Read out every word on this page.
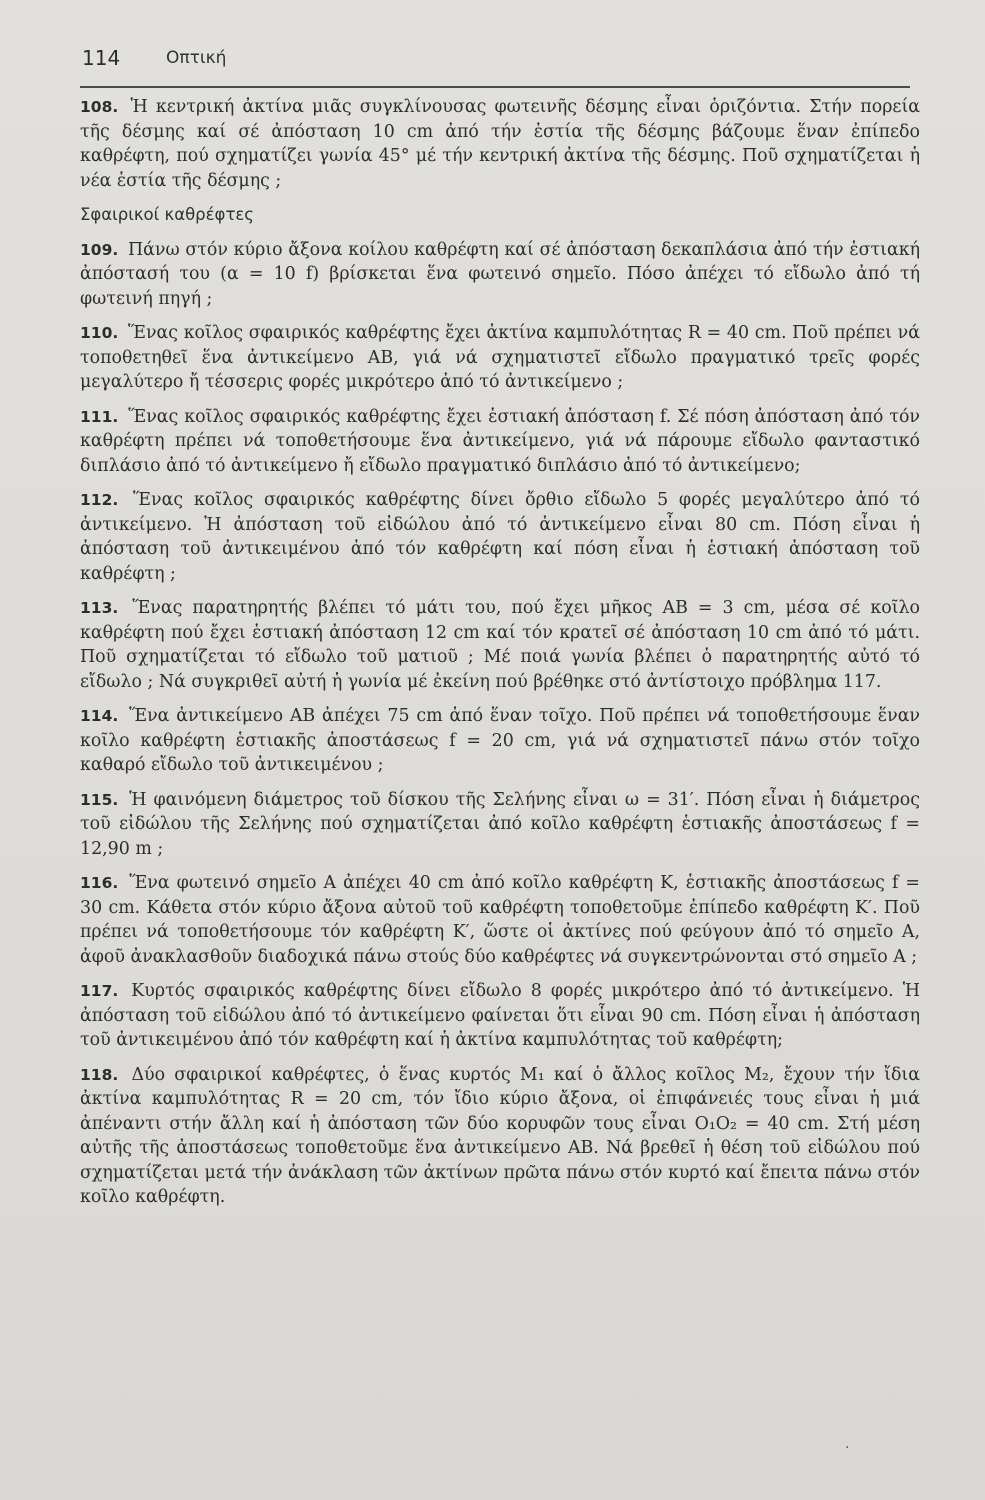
114	Οπτική

108. Ἡ κεντρική ἀκτίνα μιᾶς συγκλίνουσας φωτεινῆς δέσμης εἶναι ὁριζόντια. Στήν πορεία τῆς δέσμης καί σέ ἀπόσταση 10 cm ἀπό τήν ἑστία τῆς δέσμης βάζουμε ἕναν ἐπίπεδο καθρέφτη, πού σχηματίζει γωνία 45° μέ τήν κεντρική ἀκτίνα τῆς δέσμης. Ποῦ σχηματίζεται ἡ νέα ἑστία τῆς δέσμης ;

Σφαιρικοί καθρέφτες

109. Πάνω στόν κύριο ἄξονα κοίλου καθρέφτη καί σέ ἀπόσταση δεκαπλάσια ἀπό τήν ἑστιακή ἀπόστασή του (α = 10 f) βρίσκεται ἕνα φωτεινό σημεῖο. Πόσο ἀπέχει τό εἴδωλο ἀπό τή φωτεινή πηγή ;

110. Ἕνας κοῖλος σφαιρικός καθρέφτης ἔχει ἀκτίνα καμπυλότητας R = 40 cm. Ποῦ πρέπει νά τοποθετηθεῖ ἕνα ἀντικείμενο ΑΒ, γιά νά σχηματιστεῖ εἴδωλο πραγματικό τρεῖς φορές μεγαλύτερο ἤ τέσσερις φορές μικρότερο ἀπό τό ἀντικείμενο ;

111. Ἕνας κοῖλος σφαιρικός καθρέφτης ἔχει ἑστιακή ἀπόσταση f. Σέ πόση ἀπόσταση ἀπό τόν καθρέφτη πρέπει νά τοποθετήσουμε ἕνα ἀντικείμενο, γιά νά πάρουμε εἴδωλο φανταστικό διπλάσιο ἀπό τό ἀντικείμενο ἤ εἴδωλο πραγματικό διπλάσιο ἀπό τό ἀντικείμενο;

112. Ἕνας κοῖλος σφαιρικός καθρέφτης δίνει ὄρθιο εἴδωλο 5 φορές μεγαλύτερο ἀπό τό ἀντικείμενο. Ἡ ἀπόσταση τοῦ εἰδώλου ἀπό τό ἀντικείμενο εἶναι 80 cm. Πόση εἶναι ἡ ἀπόσταση τοῦ ἀντικειμένου ἀπό τόν καθρέφτη καί πόση εἶναι ἡ ἑστιακή ἀπόσταση τοῦ καθρέφτη ;

113. Ἕνας παρατηρητής βλέπει τό μάτι του, πού ἔχει μῆκος ΑΒ = 3 cm, μέσα σέ κοῖλο καθρέφτη πού ἔχει ἑστιακή ἀπόσταση 12 cm καί τόν κρατεῖ σέ ἀπόσταση 10 cm ἀπό τό μάτι. Ποῦ σχηματίζεται τό εἴδωλο τοῦ ματιοῦ ; Μέ ποιά γωνία βλέπει ὁ παρατηρητής αὐτό τό εἴδωλο ; Νά συγκριθεῖ αὐτή ἡ γωνία μέ ἐκείνη πού βρέθηκε στό ἀντίστοιχο πρόβλημα 117.

114. Ἕνα ἀντικείμενο ΑΒ ἀπέχει 75 cm ἀπό ἕναν τοῖχο. Ποῦ πρέπει νά τοποθετήσουμε ἕναν κοῖλο καθρέφτη ἑστιακῆς ἀποστάσεως f = 20 cm, γιά νά σχηματιστεῖ πάνω στόν τοῖχο καθαρό εἴδωλο τοῦ ἀντικειμένου ;

115. Ἡ φαινόμενη διάμετρος τοῦ δίσκου τῆς Σελήνης εἶναι ω = 31′. Πόση εἶναι ἡ διάμετρος τοῦ εἰδώλου τῆς Σελήνης πού σχηματίζεται ἀπό κοῖλο καθρέφτη ἑστιακῆς ἀποστάσεως f = 12,90 m ;

116. Ἕνα φωτεινό σημεῖο Α ἀπέχει 40 cm ἀπό κοῖλο καθρέφτη Κ, ἑστιακῆς ἀποστάσεως f = 30 cm. Κάθετα στόν κύριο ἄξονα αὐτοῦ τοῦ καθρέφτη τοποθετοῦμε ἐπίπεδο καθρέφτη Κ′. Ποῦ πρέπει νά τοποθετήσουμε τόν καθρέφτη Κ′, ὥστε οἱ ἀκτίνες πού φεύγουν ἀπό τό σημεῖο Α, ἀφοῦ ἀνακλασθοῦν διαδοχικά πάνω στούς δύο καθρέφτες νά συγκεντρώνονται στό σημεῖο Α ;

117. Κυρτός σφαιρικός καθρέφτης δίνει εἴδωλο 8 φορές μικρότερο ἀπό τό ἀντικείμενο. Ἡ ἀπόσταση τοῦ εἰδώλου ἀπό τό ἀντικείμενο φαίνεται ὅτι εἶναι 90 cm. Πόση εἶναι ἡ ἀπόσταση τοῦ ἀντικειμένου ἀπό τόν καθρέφτη καί ἡ ἀκτίνα καμπυλότητας τοῦ καθρέφτη;

118. Δύο σφαιρικοί καθρέφτες, ὁ ἕνας κυρτός Μ₁ καί ὁ ἄλλος κοῖλος Μ₂, ἔχουν τήν ἴδια ἀκτίνα καμπυλότητας R = 20 cm, τόν ἴδιο κύριο ἄξονα, οἱ ἐπιφάνειές τους εἶναι ἡ μιά ἀπέναντι στήν ἄλλη καί ἡ ἀπόσταση τῶν δύο κορυφῶν τους εἶναι Ο₁Ο₂ = 40 cm. Στή μέση αὐτῆς τῆς ἀποστάσεως τοποθετοῦμε ἕνα ἀντικείμενο ΑΒ. Νά βρεθεῖ ἡ θέση τοῦ εἰδώλου πού σχηματίζεται μετά τήν ἀνάκλαση τῶν ἀκτίνων πρῶτα πάνω στόν κυρτό καί ἔπειτα πάνω στόν κοῖλο καθρέφτη.

·
